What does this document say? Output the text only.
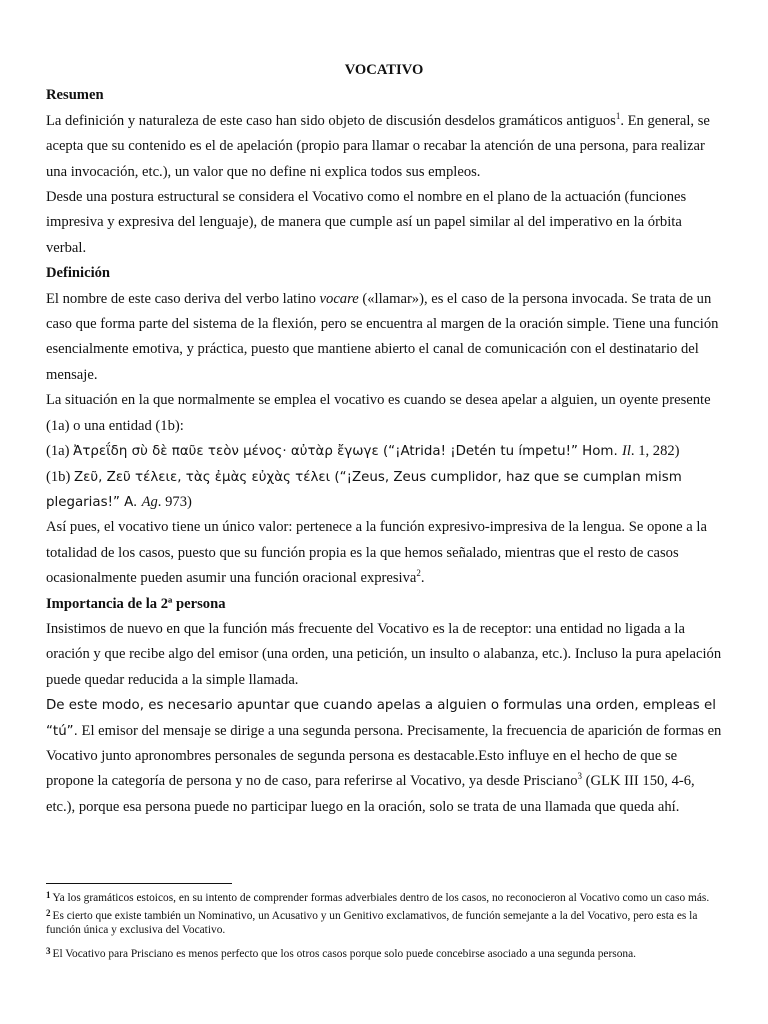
VOCATIVO

Resumen

La definición y naturaleza de este caso han sido objeto de discusión desdelos gramáticos antiguos$^1$. En general, se acepta que su contenido es el de apelación (propio para llamar o recabar la atención de una persona, para realizar una invocación, etc.), un valor que no define ni explica todos sus empleos.

Desde una postura estructural se considera el Vocativo como el nombre en el plano de la actuación (funciones impresiva y expresiva del lenguaje), de manera que cumple así un papel similar al del imperativo en la órbita verbal.

Definición

El nombre de este caso deriva del verbo latino vocare («llamar»), es el caso de la persona invocada. Se trata de un caso que forma parte del sistema de la flexión, pero se encuentra al margen de la oración simple. Tiene una función esencialmente emotiva, y práctica, puesto que mantiene abierto el canal de comunicación con el destinatario del mensaje.

La situación en la que normalmente se emplea el vocativo es cuando se desea apelar a alguien, un oyente presente (1a) o una entidad (1b):

(1a) Ἀτρεΐδη σὺ δὲ παῦε τεὸν μένος· αὐτὰρ ἔγωγε (“¡Atrida! ¡Detén tu ímpetu!” Hom. Il. 1, 282)

(1b) Ζεῦ, Ζεῦ τέλειε, τὰς ἐμὰς εὐχὰς τέλει (“¡Zeus, Zeus cumplidor, haz que se cumplan mism plegarias!” A. Ag. 973)

Así pues, el vocativo tiene un único valor: pertenece a la función expresivo-impresiva de la lengua. Se opone a la totalidad de los casos, puesto que su función propia es la que hemos señalado, mientras que el resto de casos ocasionalmente pueden asumir una función oracional expresiva$^2$.

Importancia de la 2ª persona

Insistimos de nuevo en que la función más frecuente del Vocativo es la de receptor: una entidad no ligada a la oración y que recibe algo del emisor (una orden, una petición, un insulto o alabanza, etc.). Incluso la pura apelación puede quedar reducida a la simple llamada.

De este modo, es necesario apuntar que cuando apelas a alguien o formulas una orden, empleas el “tú”. El emisor del mensaje se dirige a una segunda persona. Precisamente, la frecuencia de aparición de formas en Vocativo junto apronombres personales de segunda persona es destacable.Esto influye en el hecho de que se propone la categoría de persona y no de caso, para referirse al Vocativo, ya desde Prisciano$^3$ (GLK III 150, 4-6, etc.), porque esa persona puede no participar luego en la oración, solo se trata de una llamada que queda ahí.

$^1$ Ya los gramáticos estoicos, en su intento de comprender formas adverbiales dentro de los casos, no reconocieron al Vocativo como un caso más.

$^2$ Es cierto que existe también un Nominativo, un Acusativo y un Genitivo exclamativos, de función semejante a la del Vocativo, pero esta es la función única y exclusiva del Vocativo.

$^3$ El Vocativo para Prisciano es menos perfecto que los otros casos porque solo puede concebirse asociado a una segunda persona.
